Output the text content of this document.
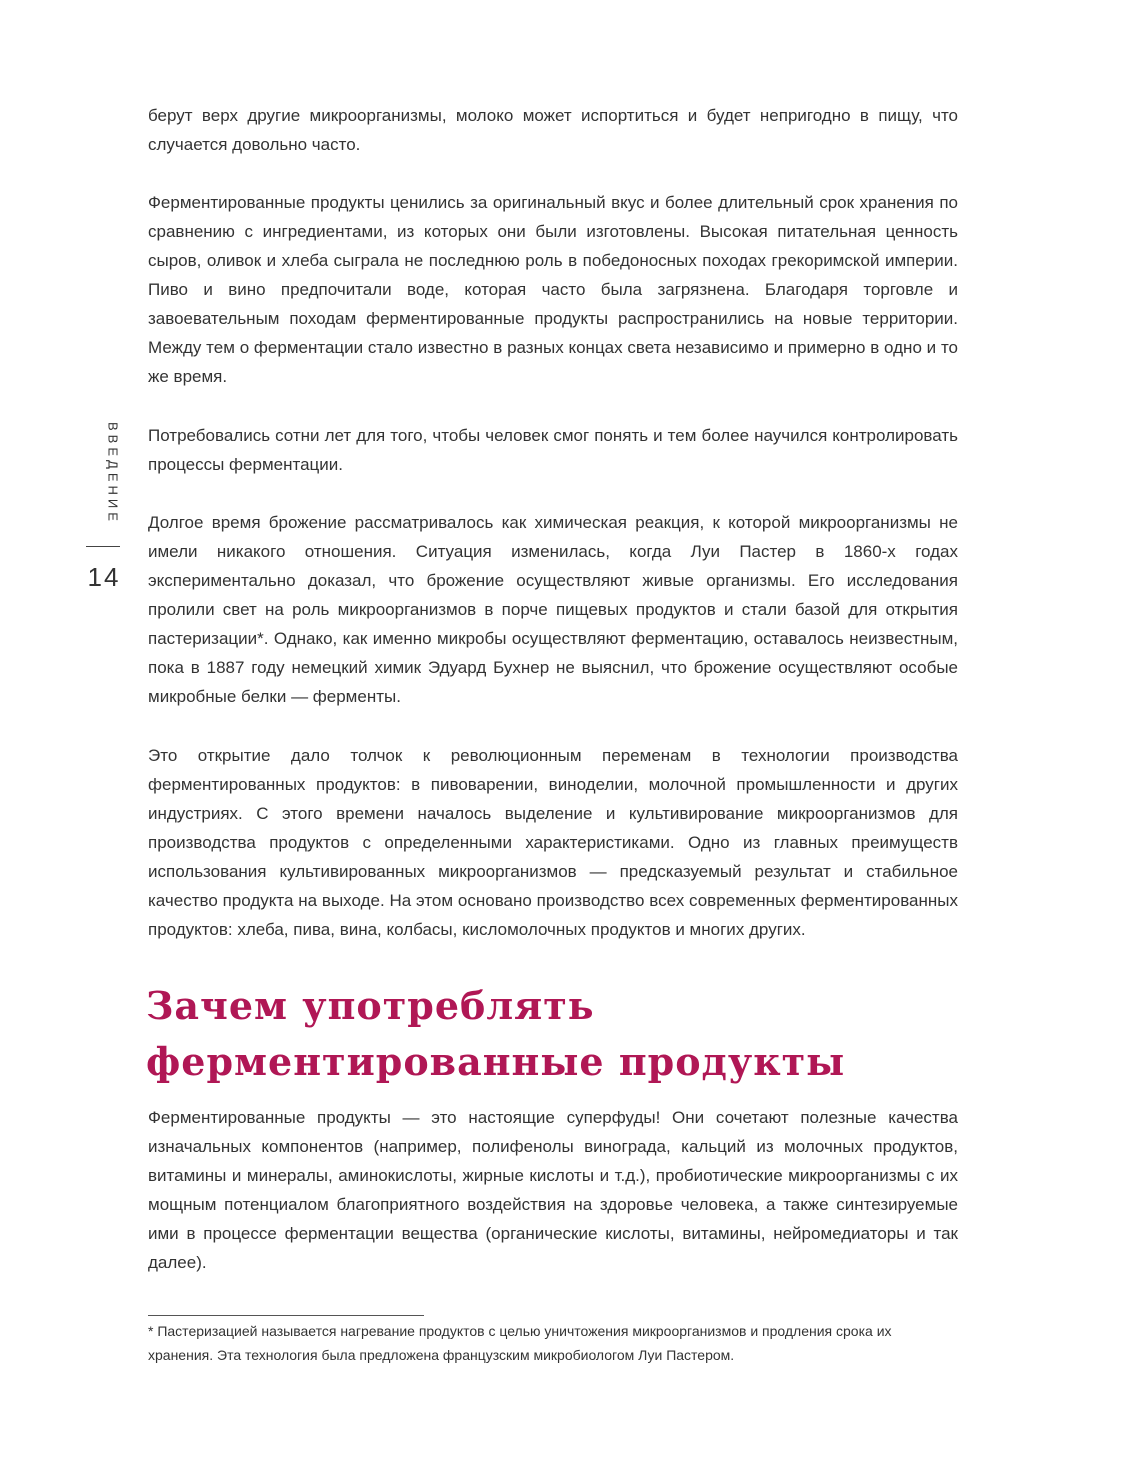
ВВЕДЕНИЕ
14

берут верх другие микроорганизмы, молоко может испортиться и будет непригодно в пищу, что случается довольно часто.

Ферментированные продукты ценились за оригинальный вкус и более длительный срок хранения по сравнению с ингредиентами, из которых они были изготовлены. Высокая питательная ценность сыров, оливок и хлеба сыграла не последнюю роль в победоносных походах грекоримской империи. Пиво и вино предпочитали воде, которая часто была загрязнена. Благодаря торговле и завоевательным походам ферментированные продукты распространились на новые территории. Между тем о ферментации стало известно в разных концах света независимо и примерно в одно и то же время.

Потребовались сотни лет для того, чтобы человек смог понять и тем более научился контролировать процессы ферментации.

Долгое время брожение рассматривалось как химическая реакция, к которой микроорганизмы не имели никакого отношения. Ситуация изменилась, когда Луи Пастер в 1860-х годах экспериментально доказал, что брожение осуществляют живые организмы. Его исследования пролили свет на роль микроорганизмов в порче пищевых продуктов и стали базой для открытия пастеризации*. Однако, как именно микробы осуществляют ферментацию, оставалось неизвестным, пока в 1887 году немецкий химик Эдуард Бухнер не выяснил, что брожение осуществляют особые микробные белки — ферменты.

Это открытие дало толчок к революционным переменам в технологии производства ферментированных продуктов: в пивоварении, виноделии, молочной промышленности и других индустриях. С этого времени началось выделение и культивирование микроорганизмов для производства продуктов с определенными характеристиками. Одно из главных преимуществ использования культивированных микроорганизмов — предсказуемый результат и стабильное качество продукта на выходе. На этом основано производство всех современных ферментированных продуктов: хлеба, пива, вина, колбасы, кисломолочных продуктов и многих других.

Зачем употреблять
ферментированные продукты

Ферментированные продукты — это настоящие суперфуды! Они сочетают полезные качества изначальных компонентов (например, полифенолы винограда, кальций из молочных продуктов, витамины и минералы, аминокислоты, жирные кислоты и т.д.), пробиотические микроорганизмы с их мощным потенциалом благоприятного воздействия на здоровье человека, а также синтезируемые ими в процессе ферментации вещества (органические кислоты, витамины, нейромедиаторы и так далее).

* Пастеризацией называется нагревание продуктов с целью уничтожения микроорганизмов и продления срока их хранения. Эта технология была предложена французским микробиологом Луи Пастером.
